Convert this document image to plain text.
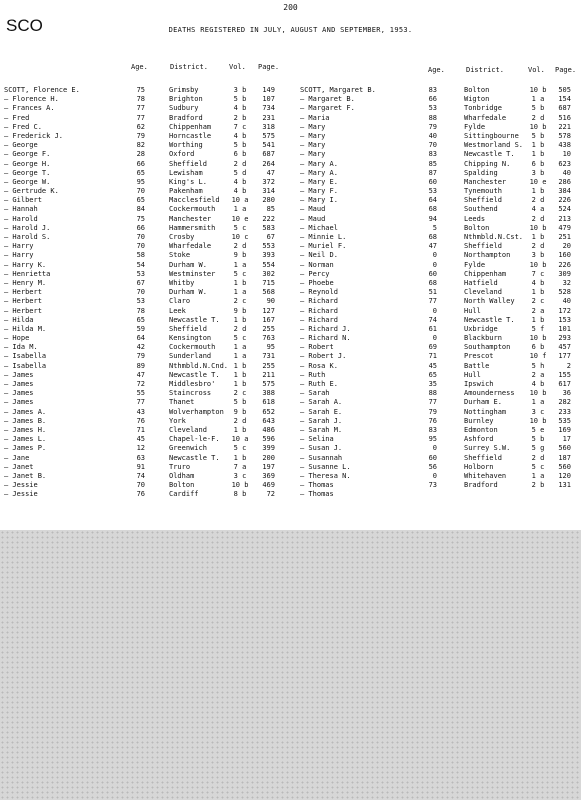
200
SCO	DEATHS REGISTERED IN JULY, AUGUST AND SEPTEMBER, 1953.
Age.	District.	Vol. Page.	Age.	District.	Vol. Page.
SCOTT, Florence E.	75	Grimsby	3 b	149
— Florence H.	78	Brighton	5 b	107
— Frances A.	77	Sudbury	4 b	734
— Fred	77	Bradford	2 b	231
— Fred C.	62	Chippenham	7 c	318
— Frederick J.	79	Horncastle	4 b	575
— George	82	Worthing	5 b	541
— George F.	28	Oxford	6 b	687
— George H.	66	Sheffield	2 d	264
— George T.	65	Lewisham	5 d	47
— George W.	95	King's L.	4 b	372
— Gertrude K.	70	Pakenham	4 b	314
— Gilbert	65	Macclesfield	10 a	280
— Hannah	84	Cockermouth	1 a	85
— Harold	75	Manchester	10 e	222
— Harold J.	66	Hammersmith	5 c	583
— Harold S.	70	Crosby	10 c	67
— Harry	70	Wharfedale	2 d	553
— Harry	58	Stoke	9 b	393
— Harry K.	54	Durham W.	1 a	554
— Henrietta	53	Westminster	5 c	302
— Henry M.	67	Whitby	1 b	715
— Herbert	70	Durham W.	1 a	568
— Herbert	53	Claro	2 c	90
— Herbert	78	Leek	9 b	127
— Hilda	65	Newcastle T.	1 b	167
— Hilda M.	59	Sheffield	2 d	255
— Hope	64	Kensington	5 c	763
— Ida M.	42	Cockermouth	1 a	95
— Isabella	79	Sunderland	1 a	731
— Isabella	89	Nthmbld.N.Cnd. 1 b	255
— James	47	Newcastle T.	1 b	211
— James	72	Middlesbro'	1 b	575
— James	55	Staincross	2 c	388
— James	77	Thanet	5 b	618
— James A.	43	Wolverhampton	9 b	652
— James B.	76	York	2 d	643
— James H.	71	Cleveland	1 b	486
— James L.	45	Chapel-le-F.	10 a	596
— James P.	12	Greenwich	5 c	399
— Jane	63	Newcastle T.	1 b	200
— Janet	91	Truro	7 a	197
— Janet B.	74	Oldham	3 c	369
— Jessie	70	Bolton	10 b	469
— Jessie	76	Cardiff	8 b	72
SCOTT, Margaret B.	83	Bolton	10 b	505
— Margaret B.	66	Wigton	1 a	154
— Margaret F.	53	Tonbridge	5 b	687
— Maria	88	Wharfedale	2 d	516
— Mary	79	Fylde	10 b	221
— Mary	40	Sittingbourne	5 b	578
— Mary	70	Westmorland S.	1 b	438
— Mary	83	Newcastle T.	1 b	10
— Mary A.	85	Chipping N.	6 b	623
— Mary A.	87	Spalding	3 b	40
— Mary E.	60	Manchester	10 e	286
— Mary F.	53	Tynemouth	1 b	384
— Mary I.	64	Sheffield	2 d	226
— Maud	68	Southend	4 a	524
— Maud	94	Leeds	2 d	213
— Michael	5	Bolton	10 b	479
— Minnie L.	68	Nthmbld.N.Cst.	1 b	251
— Muriel F.	47	Sheffield	2 d	20
— Neil D.	0	Northampton	3 b	160
— Norman	0	Fylde	10 b	226
— Percy	60	Chippenham	7 c	309
— Phoebe	68	Hatfield	4 b	32
— Reynold	51	Cleveland	1 b	528
— Richard	77	North Walley	2 c	40
— Richard	0	Hull	2 a	172
— Richard	74	Newcastle T.	1 b	153
— Richard J.	61	Uxbridge	5 f	101
— Richard N.	0	Blackburn	10 b	293
— Robert	69	Southampton	6 b	457
— Robert J.	71	Prescot	10 f	177
— Rosa K.	45	Battle	5 h	2
— Ruth	65	Hull	2 a	155
— Ruth E.	35	Ipswich	4 b	617
— Sarah	88	Amounderness	10 b	36
— Sarah A.	77	Durham E.	1 a	282
— Sarah E.	79	Nottingham	3 c	233
— Sarah J.	76	Burnley	10 b	535
— Sarah M.	83	Edmonton	5 e	169
— Selina	95	Ashford	5 b	17
— Susan J.	0	Surrey S.W.	5 g	560
— Susannah	60	Sheffield	2 d	187
— Susanne L.	56	Holborn	5 c	560
— Theresa N.	0	Whitehaven	1 a	120
— Thomas	73	Bradford	2 b	131
— Thomas
